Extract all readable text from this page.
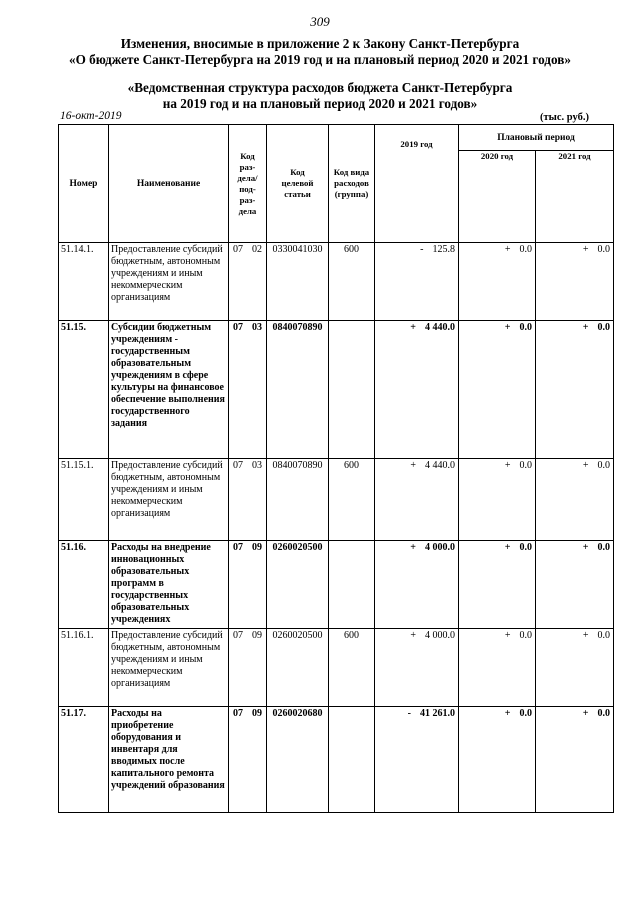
309
Изменения, вносимые в приложение 2 к Закону Санкт-Петербурга
«О бюджете Санкт-Петербурга на 2019 год и на плановый период 2020 и 2021 годов»
«Ведомственная структура расходов бюджета Санкт-Петербурга
на 2019 год и на плановый период 2020 и 2021 годов»
16-окт-2019	(тыс. руб.)
Номер	Наименование	Код раз- дела/ под- раз- дела	Код целевой статьи	Код вида расходов (группа)	2019 год	Плановый период	
						2020 год	2021 год
51.14.1.	Предоставление субсидий бюджетным, автономным учреждениям и иным некоммерческим организациям	07 02	0330041030	600	- 125.8	+ 0.0	+ 0.0
51.15.	Субсидии бюджетным учреждениям - государственным образовательным учреждениям в сфере культуры на финансовое обеспечение выполнения государственного задания	07 03	0840070890		+ 4 440.0	+ 0.0	+ 0.0
51.15.1.	Предоставление субсидий бюджетным, автономным учреждениям и иным некоммерческим организациям	07 03	0840070890	600	+ 4 440.0	+ 0.0	+ 0.0
51.16.	Расходы на внедрение инновационных образовательных программ в государственных образовательных учреждениях	07 09	0260020500		+ 4 000.0	+ 0.0	+ 0.0
51.16.1.	Предоставление субсидий бюджетным, автономным учреждениям и иным некоммерческим организациям	07 09	0260020500	600	+ 4 000.0	+ 0.0	+ 0.0
51.17.	Расходы на приобретение оборудования и инвентаря для вводимых после капитального ремонта учреждений образования	07 09	0260020680		- 41 261.0	+ 0.0	+ 0.0
